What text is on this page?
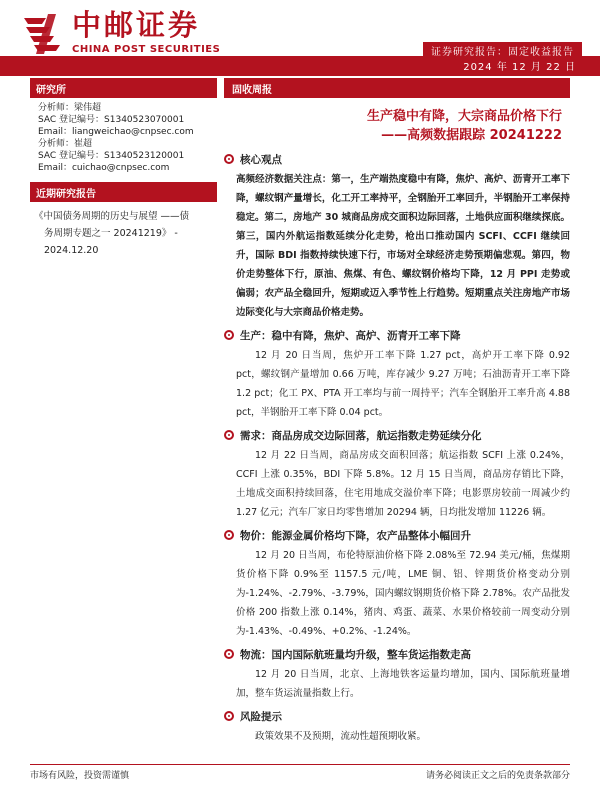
中邮证券
CHINA POST SECURITIES	证券研究报告：固定收益报告
2024 年 12 月 22 日
研究所
分析师：梁伟超
SAC 登记编号：S1340523070001
Email：liangweichao@cnpsec.com
分析师：崔超
SAC 登记编号：S1340523120001
Email：cuichao@cnpsec.com
近期研究报告
《中国债务周期的历史与展望 ——债
务周期专题之一 20241219》 -
2024.12.20
固收周报
生产稳中有降，大宗商品价格下行
——高频数据跟踪 20241222
核心观点
高频经济数据关注点：第一，生产端热度稳中有降，焦炉、高炉、沥青开工率下降，螺纹钢产量增长，化工开工率持平，全钢胎开工率回升，半钢胎开工率保持稳定。第二，房地产 30 城商品房成交面积边际回落，土地供应面积继续探底。第三，国内外航运指数延续分化走势，枪出口推动国内 SCFI、CCFI 继续回升，国际 BDI 指数持续快速下行，市场对全球经济走势预期偏悲观。第四，物价走势整体下行，原油、焦煤、有色、螺纹钢价格均下降，12 月 PPI 走势或偏弱；农产品全稳回升，短期或迈入季节性上行趋势。短期重点关注房地产市场边际变化与大宗商品价格走势。
生产：稳中有降，焦炉、高炉、沥青开工率下降
12 月 20 日当周，焦炉开工率下降 1.27 pct，高炉开工率下降 0.92 pct，螺纹钢产量增加 0.66 万吨，库存减少 9.27 万吨；石油沥青开工率下降 1.2 pct；化工 PX、PTA 开工率均与前一周持平；汽车全钢胎开工率升高 4.88 pct，半钢胎开工率下降 0.04 pct。
需求：商品房成交边际回落，航运指数走势延续分化
12 月 22 日当周，商品房成交面积回落；航运指数 SCFI 上涨 0.24%，CCFI 上涨 0.35%，BDI 下降 5.8%。12 月 15 日当周，商品房存销比下降，土地成交面积持续回落，住宅用地成交溢价率下降；电影票房较前一周减少约 1.27 亿元；汽车厂家日均零售增加 20294 辆，日均批发增加 11226 辆。
物价：能源金属价格均下降，农产品整体小幅回升
12 月 20 日当周，布伦特原油价格下降 2.08%至 72.94 美元/桶，焦煤期货价格下降 0.9%至 1157.5 元/吨，LME 铜、铝、锌期货价格变动分别为-1.24%、-2.79%、-3.79%，国内螺纹钢期货价格下降 2.78%。农产品批发价格 200 指数上涨 0.14%，猪肉、鸡蛋、蔬菜、水果价格较前一周变动分别为-1.43%、-0.49%、+0.2%、-1.24%。
物流：国内国际航班量均升级，整车货运指数走高
12 月 20 日当周，北京、上海地铁客运量均增加，国内、国际航班量增加，整车货运流量指数上行。
风险提示
政策效果不及预期，流动性超预期收紧。
市场有风险，投资需谨慎	请务必阅读正文之后的免责条款部分
